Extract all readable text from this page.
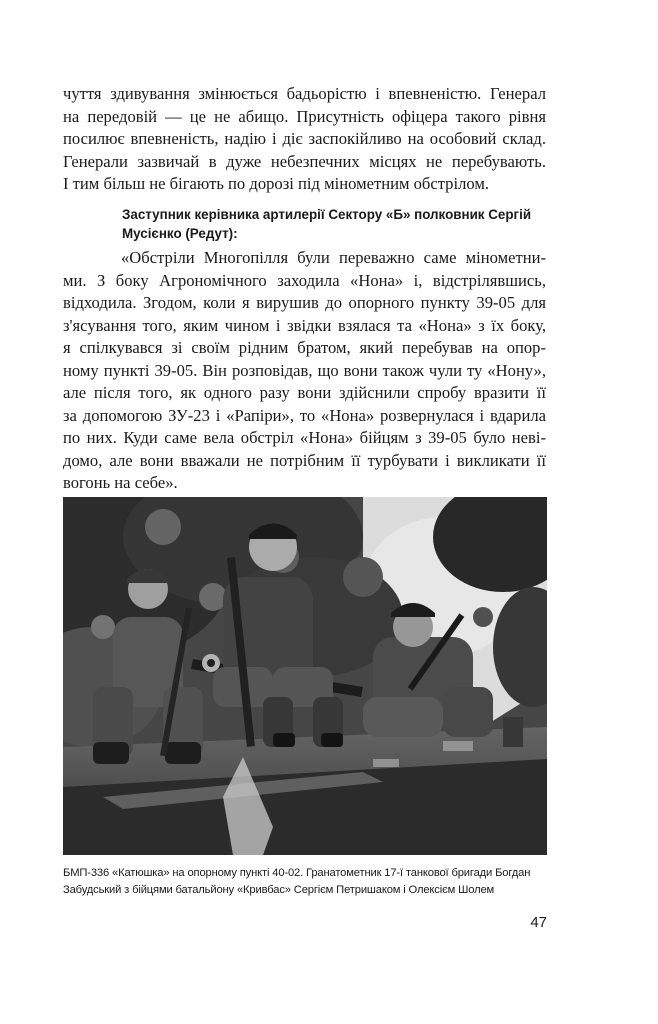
чуття здивування змінюється бадьорістю і впевненістю. Генерал
на передовій — це не абищо. Присутність офіцера такого рівня
посилює впевненість, надію і діє заспокійливо на особовий склад.
Генерали зазвичай в дуже небезпечних місцях не перебувають.
І тим більш не бігають по дорозі під мінометним обстрілом.

Заступник керівника артилерії Сектору «Б» полковник Сергій
Мусієнко (Редут):

«Обстріли Многопілля були переважно саме мінометни-
ми. З боку Агрономічного заходила «Нона» і, відстрілявшись,
відходила. Згодом, коли я вирушив до опорного пункту 39-05 для
з'ясування того, яким чином і звідки взялася та «Нона» з їх боку,
я спілкувався зі своїм рідним братом, який перебував на опор-
ному пункті 39-05. Він розповідав, що вони також чули ту «Нону»,
але після того, як одного разу вони здійснили спробу вразити її
за допомогою ЗУ-23 і «Рапіри», то «Нона» розвернулася і вдарила
по них. Куди саме вела обстріл «Нона» бійцям з 39-05 було неві-
домо, але вони вважали не потрібним її турбувати і викликати її
вогонь на себе».

БМП-336 «Катюшка» на опорному пункті 40-02. Гранатометник 17-ї танкової бригади Богдан
Забудський з бійцями батальйону «Кривбас» Сергієм Петришаком і Олексієм Шолем
47
